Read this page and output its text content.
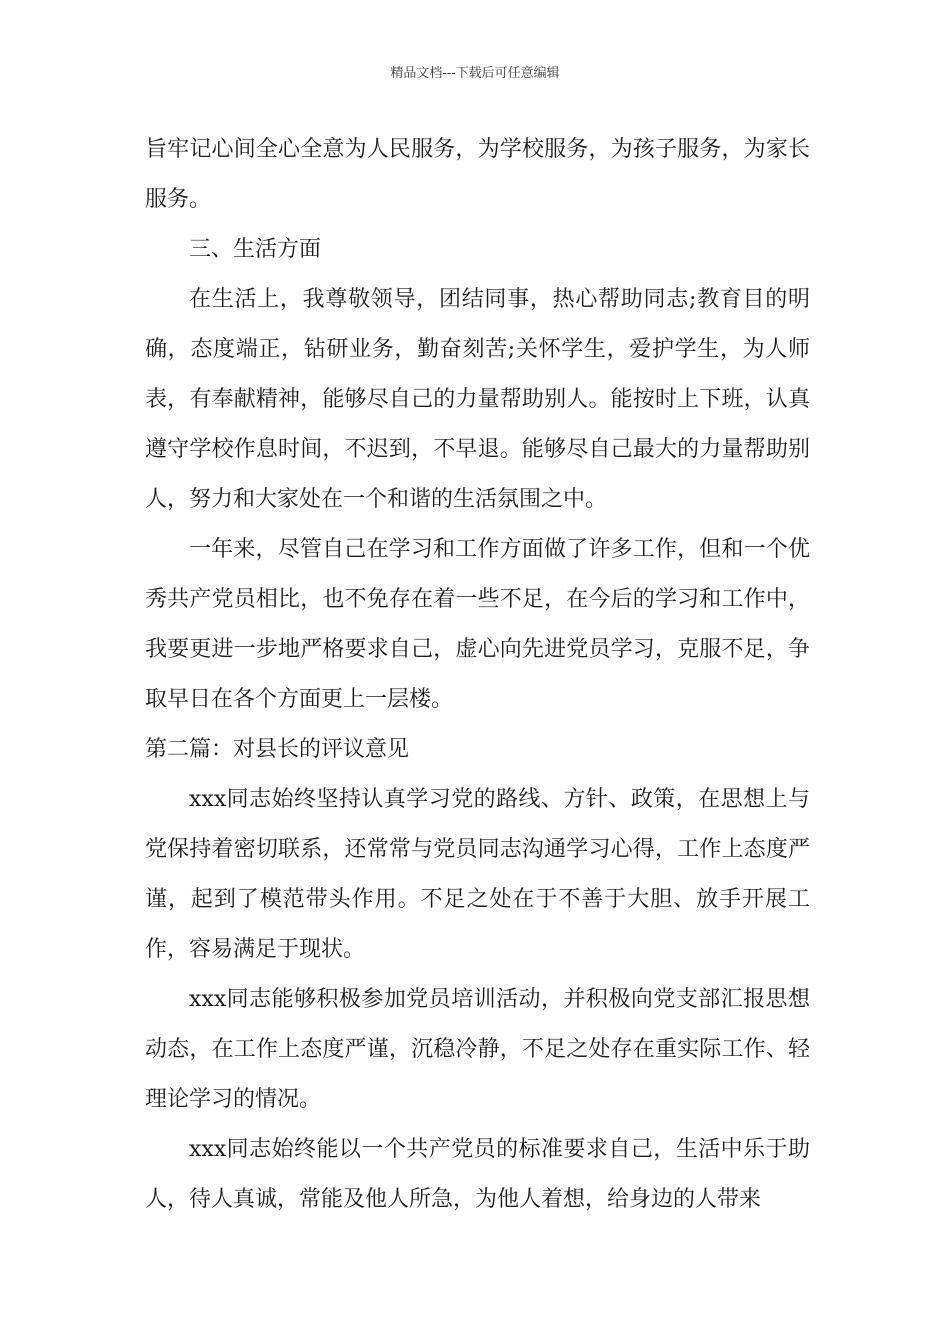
精品文档---下载后可任意编辑

旨牢记心间全心全意为人民服务，为学校服务，为孩子服务，为家长服务。

三、生活方面

在生活上，我尊敬领导，团结同事，热心帮助同志;教育目的明确，态度端正，钻研业务，勤奋刻苦;关怀学生，爱护学生，为人师表，有奉献精神，能够尽自己的力量帮助别人。能按时上下班，认真遵守学校作息时间，不迟到，不早退。能够尽自己最大的力量帮助别人，努力和大家处在一个和谐的生活氛围之中。

一年来，尽管自己在学习和工作方面做了许多工作，但和一个优秀共产党员相比，也不免存在着一些不足，在今后的学习和工作中，我要更进一步地严格要求自己，虚心向先进党员学习，克服不足，争取早日在各个方面更上一层楼。

第二篇：对县长的评议意见

xxx同志始终坚持认真学习党的路线、方针、政策，在思想上与党保持着密切联系，还常常与党员同志沟通学习心得，工作上态度严谨，起到了模范带头作用。不足之处在于不善于大胆、放手开展工作，容易满足于现状。

xxx同志能够积极参加党员培训活动，并积极向党支部汇报思想动态，在工作上态度严谨，沉稳冷静，不足之处存在重实际工作、轻理论学习的情况。

xxx同志始终能以一个共产党员的标准要求自己，生活中乐于助人，待人真诚，常能及他人所急，为他人着想，给身边的人带来
